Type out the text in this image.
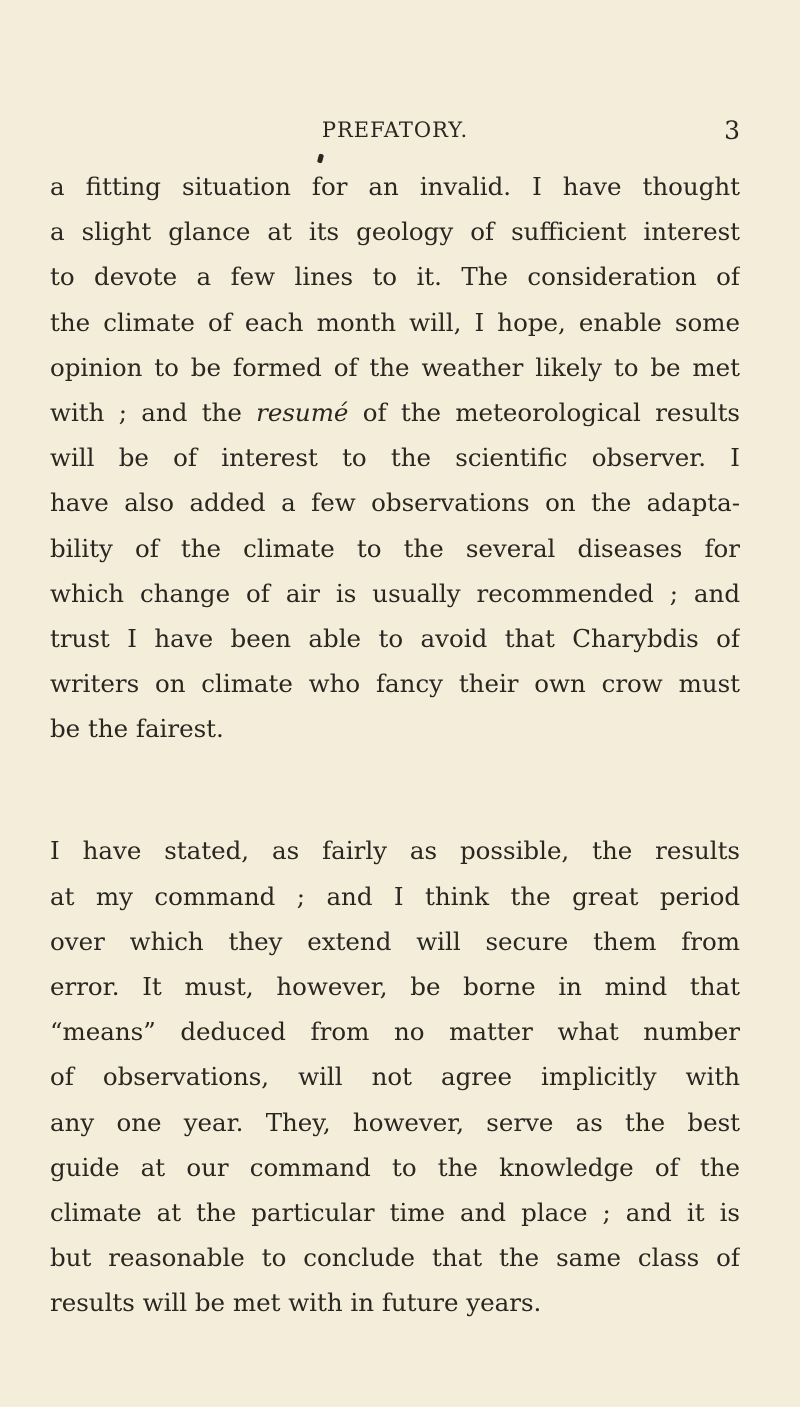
PREFATORY.	3
a fitting situation for an invalid. I have thought
a slight glance at its geology of sufficient interest
to devote a few lines to it. The consideration of
the climate of each month will, I hope, enable some
opinion to be formed of the weather likely to be met
with ; and the resumé of the meteorological results
will be of interest to the scientific observer. I
have also added a few observations on the adapta-
bility of the climate to the several diseases for
which change of air is usually recommended ; and
trust I have been able to avoid that Charybdis of
writers on climate who fancy their own crow must
be the fairest.
I have stated, as fairly as possible, the results
at my command ; and I think the great period
over which they extend will secure them from
error. It must, however, be borne in mind that
“means” deduced from no matter what number
of observations, will not agree implicitly with
any one year. They, however, serve as the best
guide at our command to the knowledge of the
climate at the particular time and place ; and it is
but reasonable to conclude that the same class of
results will be met with in future years.
